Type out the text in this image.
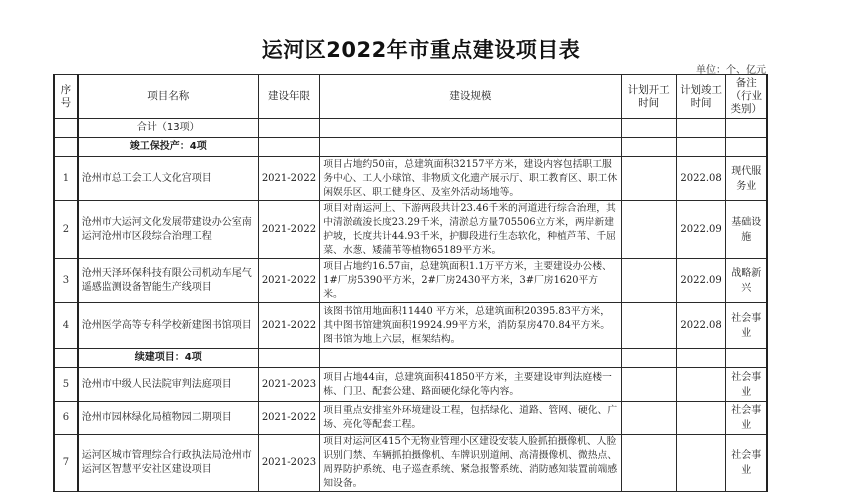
运河区2022年市重点建设项目表
单位：个、亿元
序号	项目名称	建设年限	建设规模	计划开工时间	计划竣工时间	备注（行业类别）
	合计（13项）					
	竣工保投产：4项					
1	沧州市总工会工人文化宫项目	2021-2022	项目占地约50亩，总建筑面积32157平方米，建设内容包括职工服务中心、工人小球馆、非物质文化遗产展示厅、职工教育区、职工休闲娱乐区、职工健身区、及室外活动场地等。		2022.08	现代服务业
2	沧州市大运河文化发展带建设办公室南运河沧州市区段综合治理工程	2021-2022	项目对南运河上、下游两段共计23.46千米的河道进行综合治理，其中清淤疏浚长度23.29千米，清淤总方量705506立方米，两岸新建护坡，长度共计44.93千米，护脚段进行生态软化，种植芦苇、千屈菜、水葱、矮蒲苇等植物65189平方米。		2022.09	基础设施
3	沧州天泽环保科技有限公司机动车尾气遥感监测设备智能生产线项目	2021-2022	项目占地约16.57亩，总建筑面积1.1万平方米，主要建设办公楼、1#厂房5390平方米，2#厂房2430平方米，3#厂房1620平方米。		2022.09	战略新兴
4	沧州医学高等专科学校新建图书馆项目	2021-2022	该图书馆用地面积11440 平方米，总建筑面积20395.83平方米，其中图书馆建筑面积19924.99平方米，消防泵房470.84平方米。图书馆为地上六层，框架结构。		2022.08	社会事业
	续建项目：4项					
5	沧州市中级人民法院审判法庭项目	2021-2023	项目占地44亩，总建筑面积41850平方米，主要建设审判法庭楼一栋、门卫、配套公建、路面硬化绿化等内容。			社会事业
6	沧州市园林绿化局植物园二期项目	2021-2022	项目重点安排室外环境建设工程，包括绿化、道路、管网、硬化、广场、亮化等配套工程。			社会事业
7	运河区城市管理综合行政执法局沧州市运河区智慧平安社区建设项目	2021-2023	项目对运河区415个无物业管理小区建设安装人脸抓拍摄像机、人脸识别门禁、车辆抓拍摄像机、车牌识别道闸、高清摄像机、微热点、周界防护系统、电子巡查系统、紧急报警系统、消防感知装置前端感知设备。			社会事业
